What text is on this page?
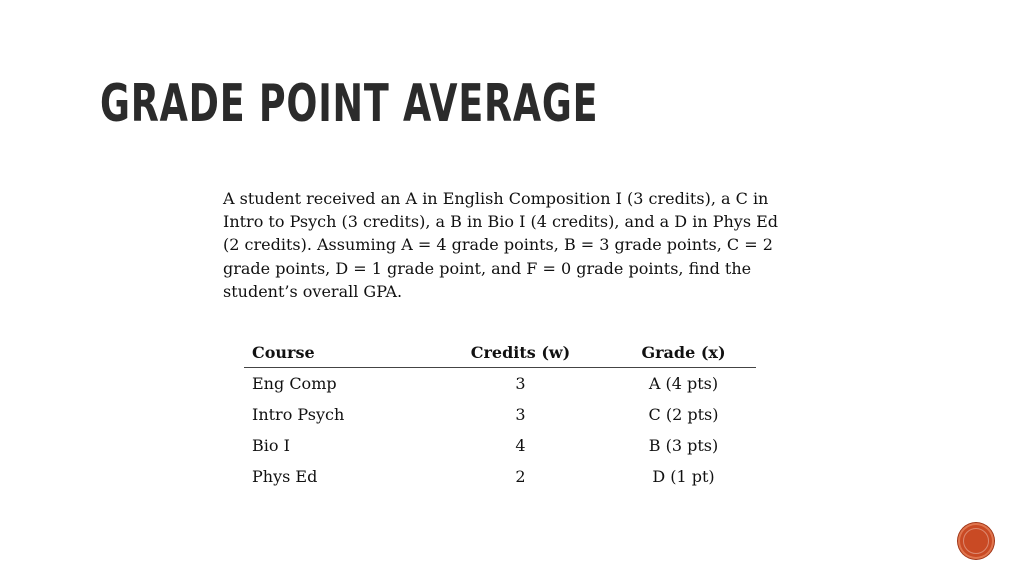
GRADE POINT AVERAGE

A student received an A in English Composition I (3 credits), a C in Intro to Psych (3 credits), a B in Bio I (4 credits), and a D in Phys Ed (2 credits). Assuming A = 4 grade points, B = 3 grade points, C = 2 grade points, D = 1 grade point, and F = 0 grade points, find the student’s overall GPA.

Course	Credits (w)	Grade (x)
Eng Comp	3	A (4 pts)
Intro Psych	3	C (2 pts)
Bio I	4	B (3 pts)
Phys Ed	2	D (1 pt)
